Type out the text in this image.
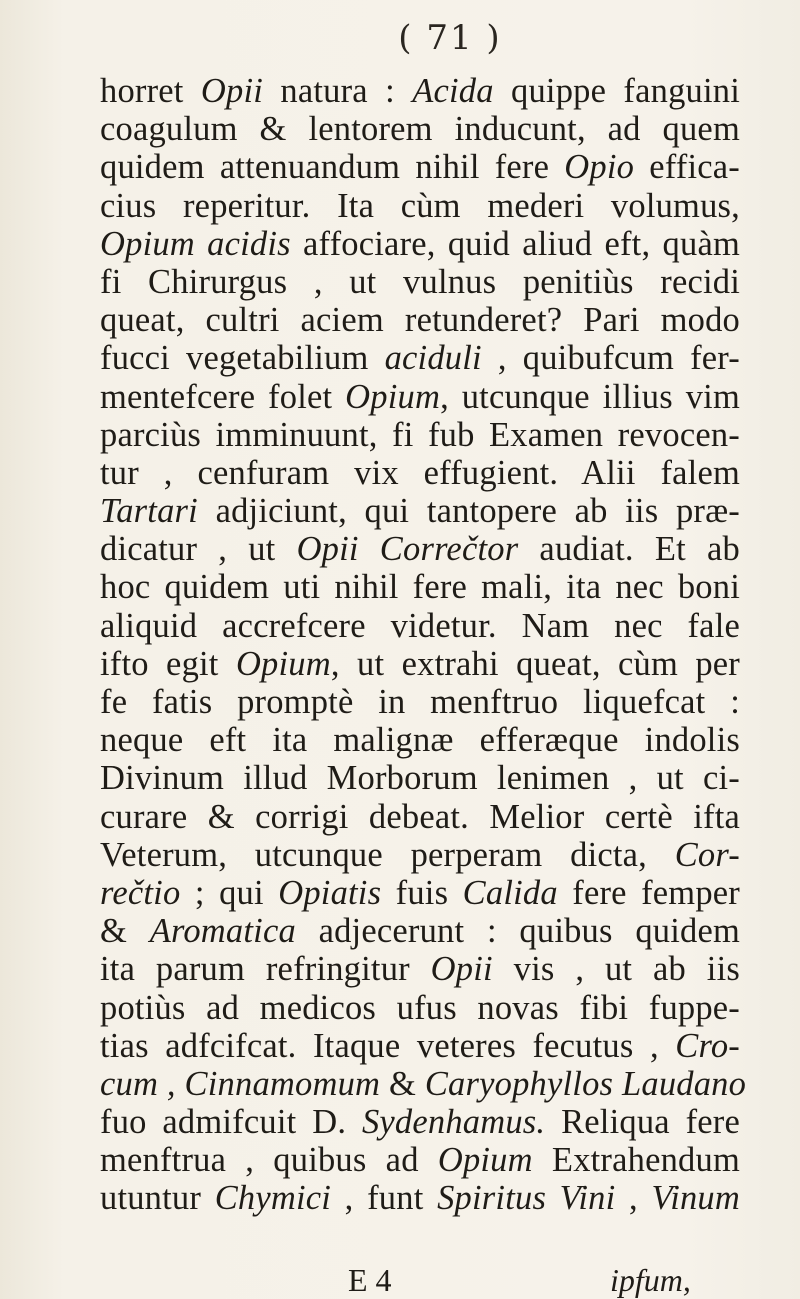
( 71 )
horret Opii natura : Acida quippe fanguini
coagulum & lentorem inducunt, ad quem
quidem attenuandum nihil fere Opio effica-
cius reperitur. Ita cùm mederi volumus,
Opium acidis affociare, quid aliud eft, quàm
fi Chirurgus , ut vulnus penitiùs recidi
queat, cultri aciem retunderet? Pari modo
fucci vegetabilium aciduli , quibufcum fer-
mentefcere folet Opium, utcunque illius vim
parciùs imminuunt, fi fub Examen revocen-
tur , cenfuram vix effugient. Alii falem
Tartari adjiciunt, qui tantopere ab iis præ-
dicatur , ut Opii Correčtor audiat. Et ab
hoc quidem uti nihil fere mali, ita nec boni
aliquid accrefcere videtur. Nam nec fale
ifto egit Opium, ut extrahi queat, cùm per
fe fatis promptè in menftruo liquefcat :
neque eft ita malignæ efferæque indolis
Divinum illud Morborum lenimen , ut ci-
curare & corrigi debeat. Melior certè ifta
Veterum, utcunque perperam dicta, Cor-
rečtio ; qui Opiatis fuis Calida fere femper
& Aromatica adjecerunt : quibus quidem
ita parum refringitur Opii vis , ut ab iis
potiùs ad medicos ufus novas fibi fuppe-
tias adfcifcat. Itaque veteres fecutus , Cro-
cum , Cinnamomum & Caryophyllos Laudano
fuo admifcuit D. Sydenhamus. Reliqua fere
menftrua , quibus ad Opium Extrahendum
utuntur Chymici , funt Spiritus Vini , Vinum
E 4	ipfum,
